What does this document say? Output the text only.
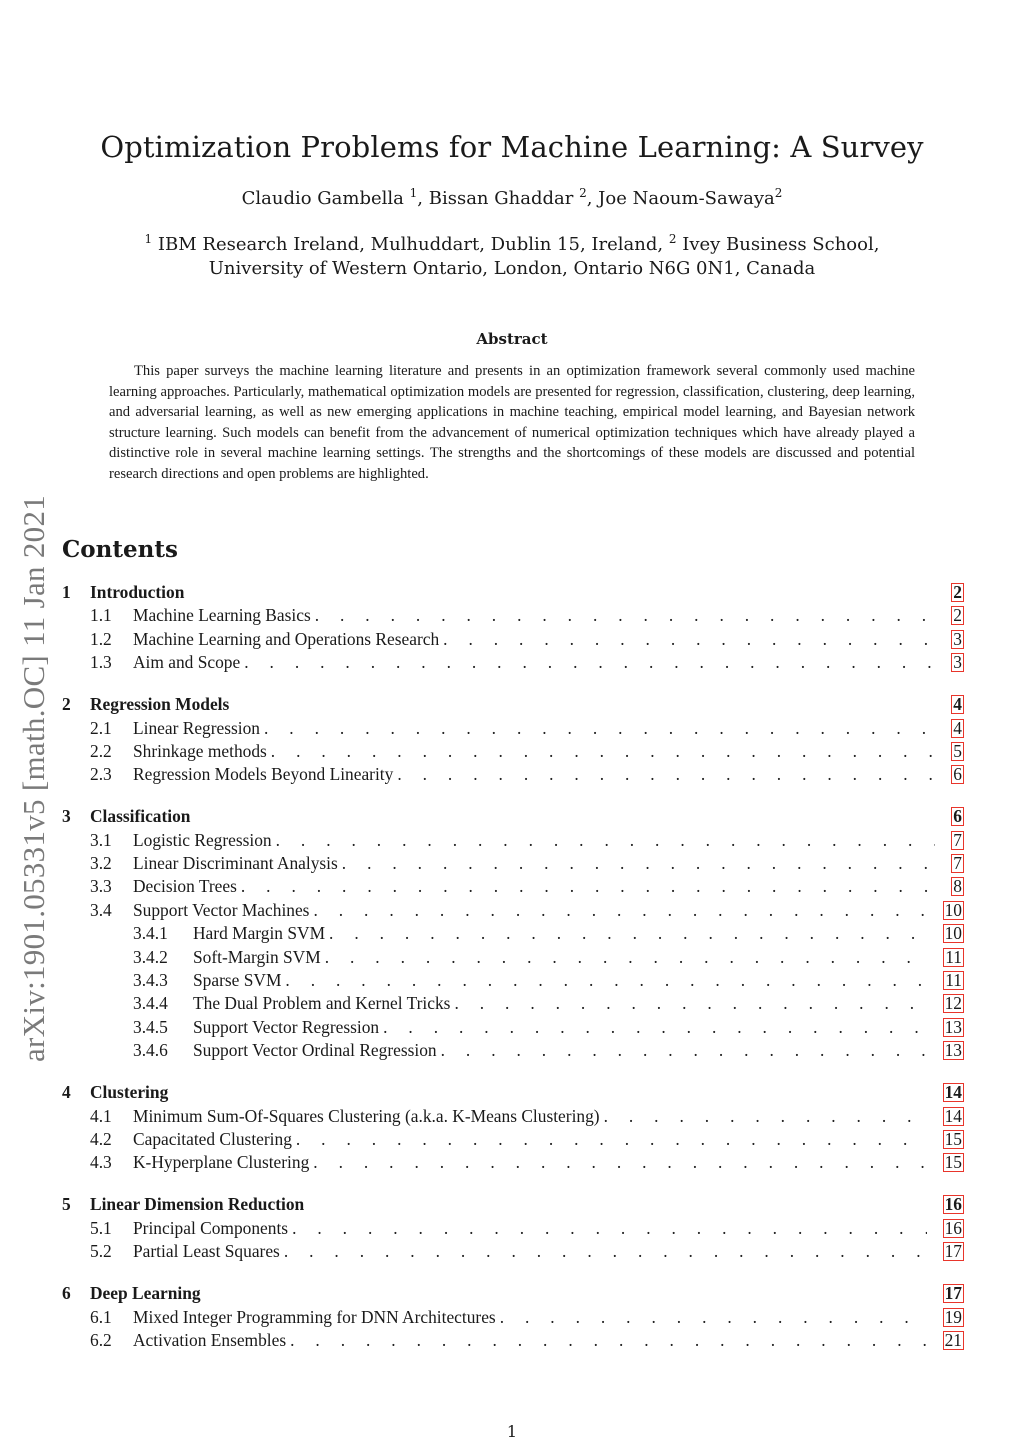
Optimization Problems for Machine Learning: A Survey
Claudio Gambella $^1$, Bissan Ghaddar $^2$, Joe Naoum-Sawaya$^2$
$^1$ IBM Research Ireland, Mulhuddart, Dublin 15, Ireland, $^2$ Ivey Business School, University of Western Ontario, London, Ontario N6G 0N1, Canada
arXiv:1901.05331v5 [math.OC] 11 Jan 2021
Abstract
This paper surveys the machine learning literature and presents in an optimization framework several commonly used machine learning approaches. Particularly, mathematical optimization models are presented for regression, classification, clustering, deep learning, and adversarial learning, as well as new emerging applications in machine teaching, empirical model learning, and Bayesian network structure learning. Such models can benefit from the advancement of numerical optimization techniques which have already played a distinctive role in several machine learning settings. The strengths and the shortcomings of these models are discussed and potential research directions and open problems are highlighted.
Contents
1	Introduction	2
1.1	Machine Learning Basics . . .	2
1.2	Machine Learning and Operations Research . . .	3
1.3	Aim and Scope . . .	3
2	Regression Models	4
2.1	Linear Regression . . .	4
2.2	Shrinkage methods . . .	5
2.3	Regression Models Beyond Linearity . . .	6
3	Classification	6
3.1	Logistic Regression . . .	7
3.2	Linear Discriminant Analysis . . .	7
3.3	Decision Trees . . .	8
3.4	Support Vector Machines . . .	10
3.4.1	Hard Margin SVM . . .	10
3.4.2	Soft-Margin SVM . . .	11
3.4.3	Sparse SVM . . .	11
3.4.4	The Dual Problem and Kernel Tricks . . .	12
3.4.5	Support Vector Regression . . .	13
3.4.6	Support Vector Ordinal Regression . . .	13
4	Clustering	14
4.1	Minimum Sum-Of-Squares Clustering (a.k.a. K-Means Clustering) . . .	14
4.2	Capacitated Clustering . . .	15
4.3	K-Hyperplane Clustering . . .	15
5	Linear Dimension Reduction	16
5.1	Principal Components . . .	16
5.2	Partial Least Squares . . .	17
6	Deep Learning	17
6.1	Mixed Integer Programming for DNN Architectures . . .	19
6.2	Activation Ensembles . . .	21
1
